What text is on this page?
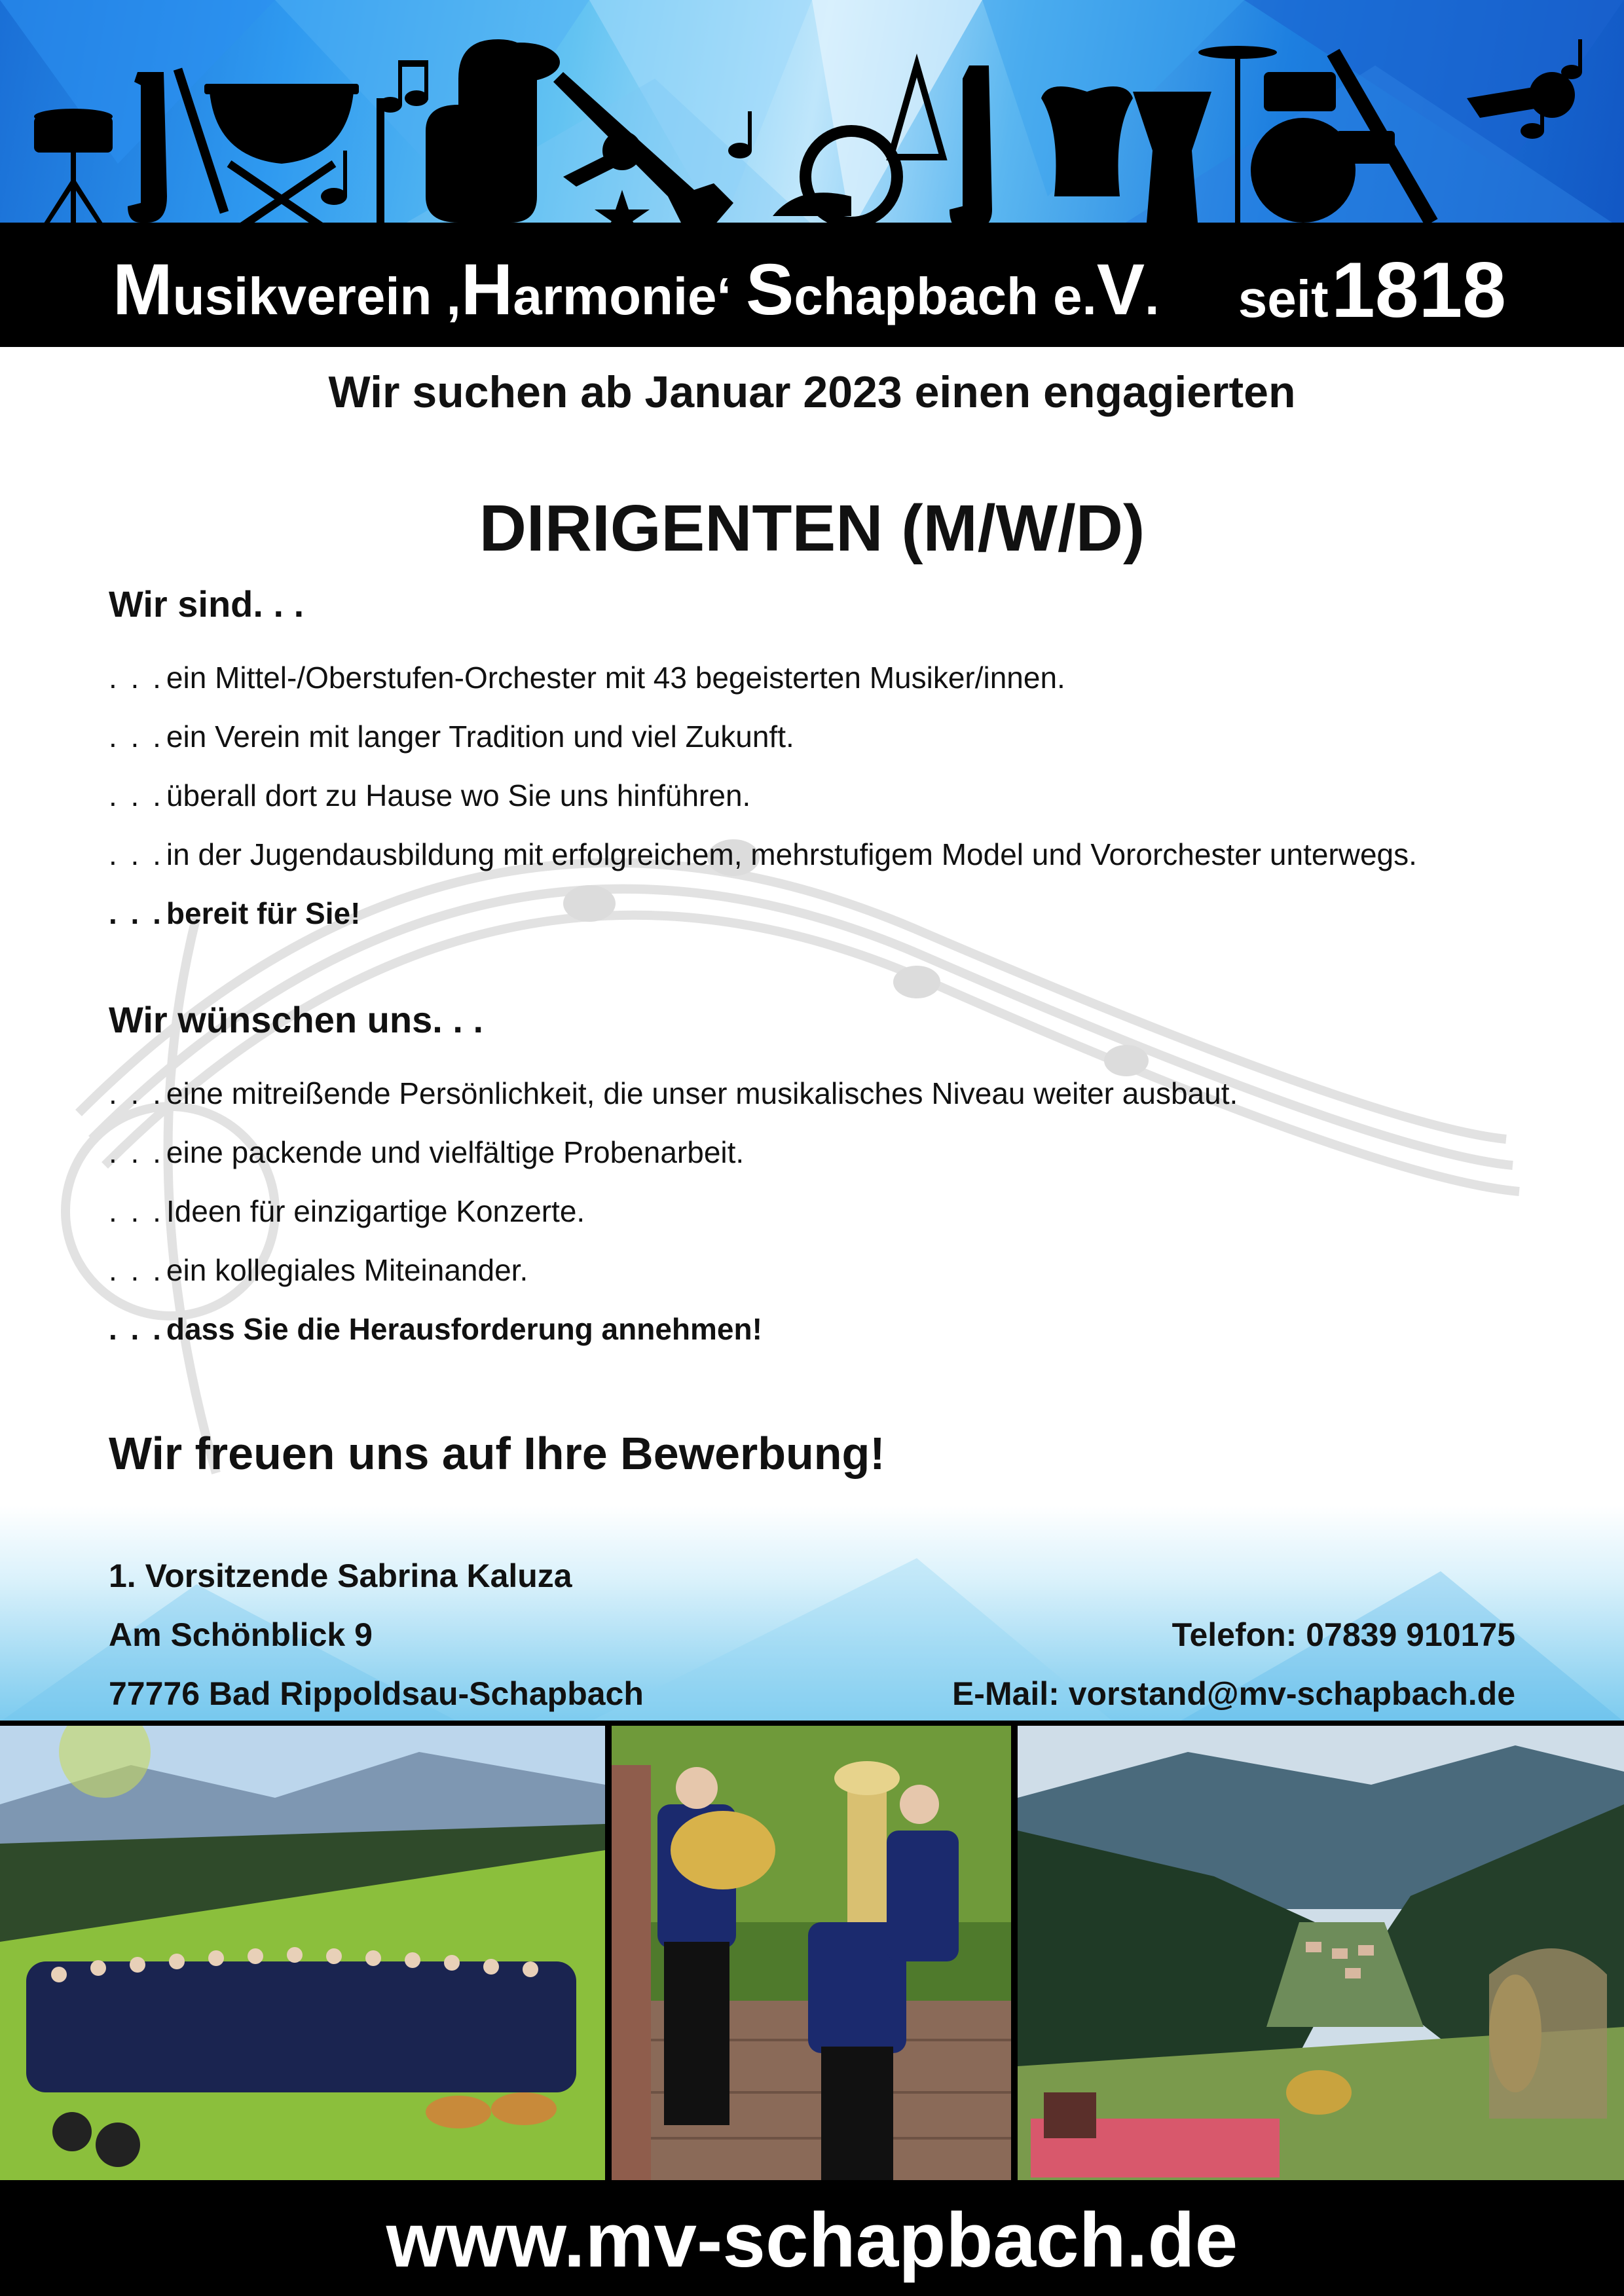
Musikverein ,Harmonie‘ Schapbach e.V. seit 1818
Wir suchen ab Januar 2023 einen engagierten
DIRIGENTEN (M/W/D)
Wir sind. . .
. . .ein Mittel-/Oberstufen-Orchester mit 43 begeisterten Musiker/innen.
. . .ein Verein mit langer Tradition und viel Zukunft.
. . .überall dort zu Hause wo Sie uns hinführen.
. . .in der Jugendausbildung mit erfolgreichem, mehrstufigem Model und Vororchester unterwegs.
. . .bereit für Sie!
Wir wünschen uns. . .
. . .eine mitreißende Persönlichkeit, die unser musikalisches Niveau weiter ausbaut.
. . .eine packende und vielfältige Probenarbeit.
. . .Ideen für einzigartige Konzerte.
. . .ein kollegiales Miteinander.
. . .dass Sie die Herausforderung annehmen!
Wir freuen uns auf Ihre Bewerbung!
1. Vorsitzende Sabrina Kaluza
Am Schönblick 9
77776 Bad Rippoldsau-Schapbach
Telefon: 07839 910175
E-Mail: vorstand@mv-schapbach.de
www.mv-schapbach.de
